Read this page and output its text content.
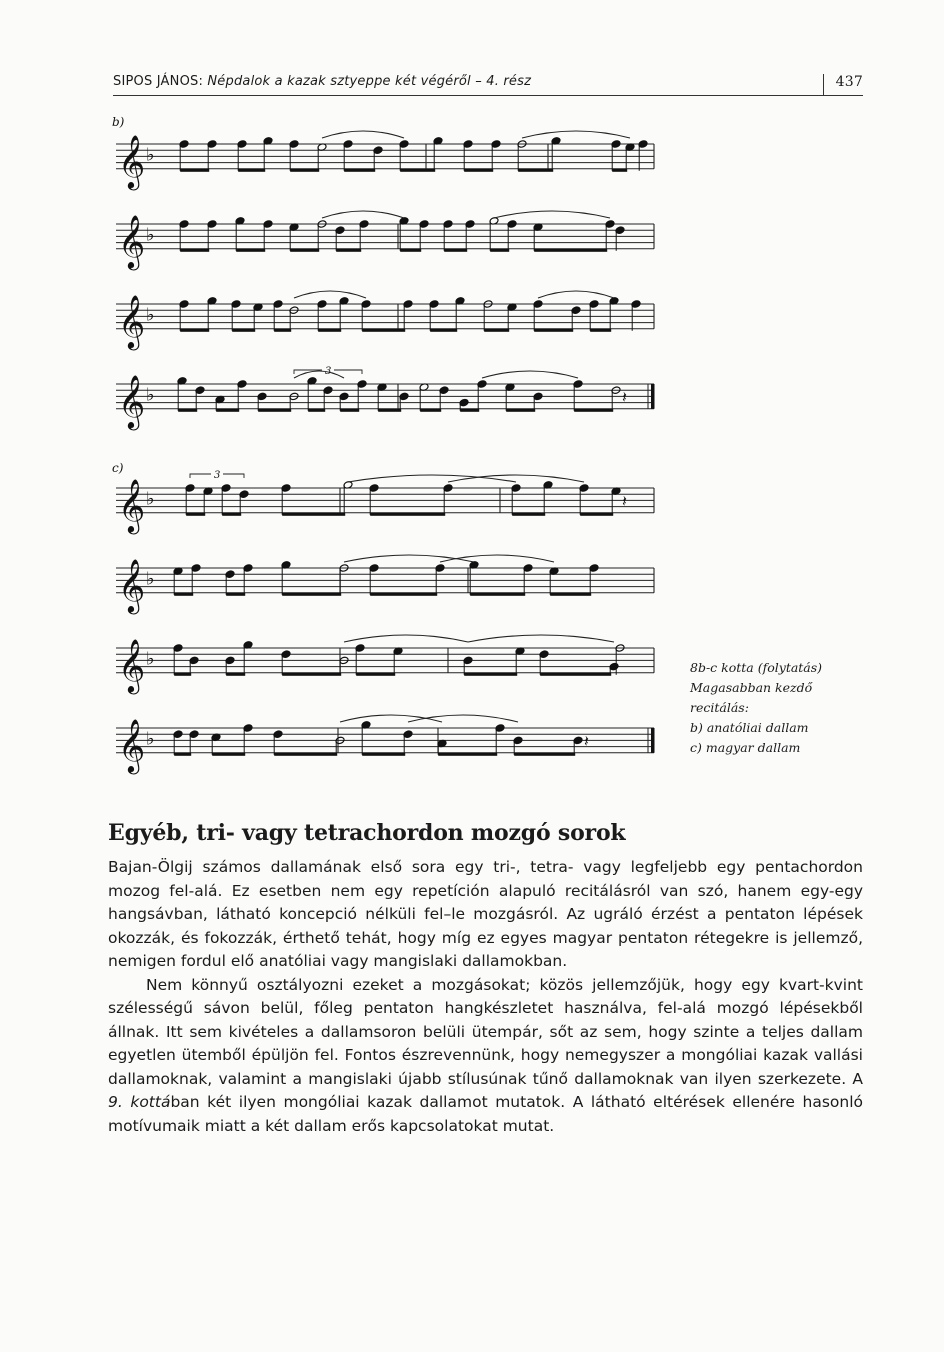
SIPOS JÁNOS: Népdalok a kazak sztyeppe két végéről – 4. rész	437
𝄞 ♭
𝄞 ♭
𝄞 ♭
𝄞 ♭	𝄽
𝄞 ♭	𝄽
𝄞 ♭
𝄞 ♭
𝄞 ♭	𝄽
b)
c)
3
3
8b-c kotta (folytatás)
Magasabban kezdő
recitálás:
b) anatóliai dallam
c) magyar dallam
Egyéb, tri- vagy tetrachordon mozgó sorok

Bajan-Ölgij számos dallamának első sora egy tri-, tetra- vagy legfeljebb egy pentachordon mozog fel-alá. Ez esetben nem egy repetíción alapuló recitálásról van szó, hanem egy-egy hangsávban, látható koncepció nélküli fel–le mozgásról. Az ugráló érzést a pentaton lépések okozzák, és fokozzák, érthető tehát, hogy míg ez egyes magyar pentaton rétegekre is jellemző, nemigen fordul elő anatóliai vagy mangislaki dallamokban.

Nem könnyű osztályozni ezeket a mozgásokat; közös jellemzőjük, hogy egy kvart-kvint szélességű sávon belül, főleg pentaton hangkészletet használva, fel-alá mozgó lépésekből állnak. Itt sem kivételes a dallamsoron belüli ütempár, sőt az sem, hogy szinte a teljes dallam egyetlen ütemből épüljön fel. Fontos észrevennünk, hogy nemegyszer a mongóliai kazak vallási dallamoknak, valamint a mangislaki újabb stílusúnak tűnő dallamoknak van ilyen szerkezete. A 9. kottában két ilyen mongóliai kazak dallamot mutatok. A látható eltérések ellenére hasonló motívumaik miatt a két dallam erős kapcsolatokat mutat.
